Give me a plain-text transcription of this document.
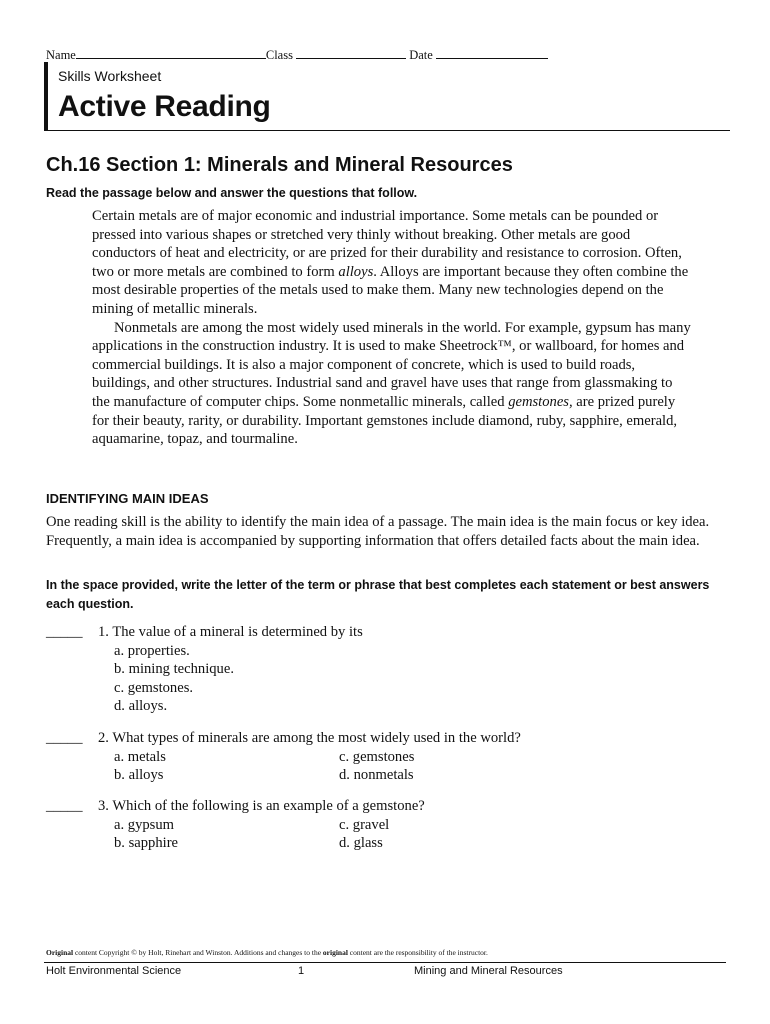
Name	Class	Date
Skills Worksheet
Active Reading
Ch.16 Section 1: Minerals and Mineral Resources
Read the passage below and answer the questions that follow.

Certain metals are of major economic and industrial importance. Some metals can be pounded or pressed into various shapes or stretched very thinly without breaking. Other metals are good conductors of heat and electricity, or are prized for their durability and resistance to corrosion. Often, two or more metals are combined to form alloys. Alloys are important because they often combine the most desirable properties of the metals used to make them. Many new technologies depend on the mining of metallic minerals.

Nonmetals are among the most widely used minerals in the world. For example, gypsum has many applications in the construction industry. It is used to make Sheetrock™, or wallboard, for homes and commercial buildings. It is also a major component of concrete, which is used to build roads, buildings, and other structures. Industrial sand and gravel have uses that range from glassmaking to the manufacture of computer chips. Some nonmetallic minerals, called gemstones, are prized purely for their beauty, rarity, or durability. Important gemstones include diamond, ruby, sapphire, emerald, aquamarine, topaz, and tourmaline.

IDENTIFYING MAIN IDEAS
One reading skill is the ability to identify the main idea of a passage. The main idea is the main focus or key idea. Frequently, a main idea is accompanied by supporting information that offers detailed facts about the main idea.
In the space provided, write the letter of the term or phrase that best completes each statement or best answers each question.
_____ 1. The value of a mineral is determined by its
a. properties.
b. mining technique.
c. gemstones.
d. alloys.
_____ 2. What types of minerals are among the most widely used in the world?
a. metals
b. alloys
c. gemstones
d. nonmetals
_____ 3. Which of the following is an example of a gemstone?
a. gypsum
b. sapphire
c. gravel
d. glass
Original content Copyright © by Holt, Rinehart and Winston. Additions and changes to the original content are the responsibility of the instructor.
Holt Environmental Science	1	Mining and Mineral Resources
